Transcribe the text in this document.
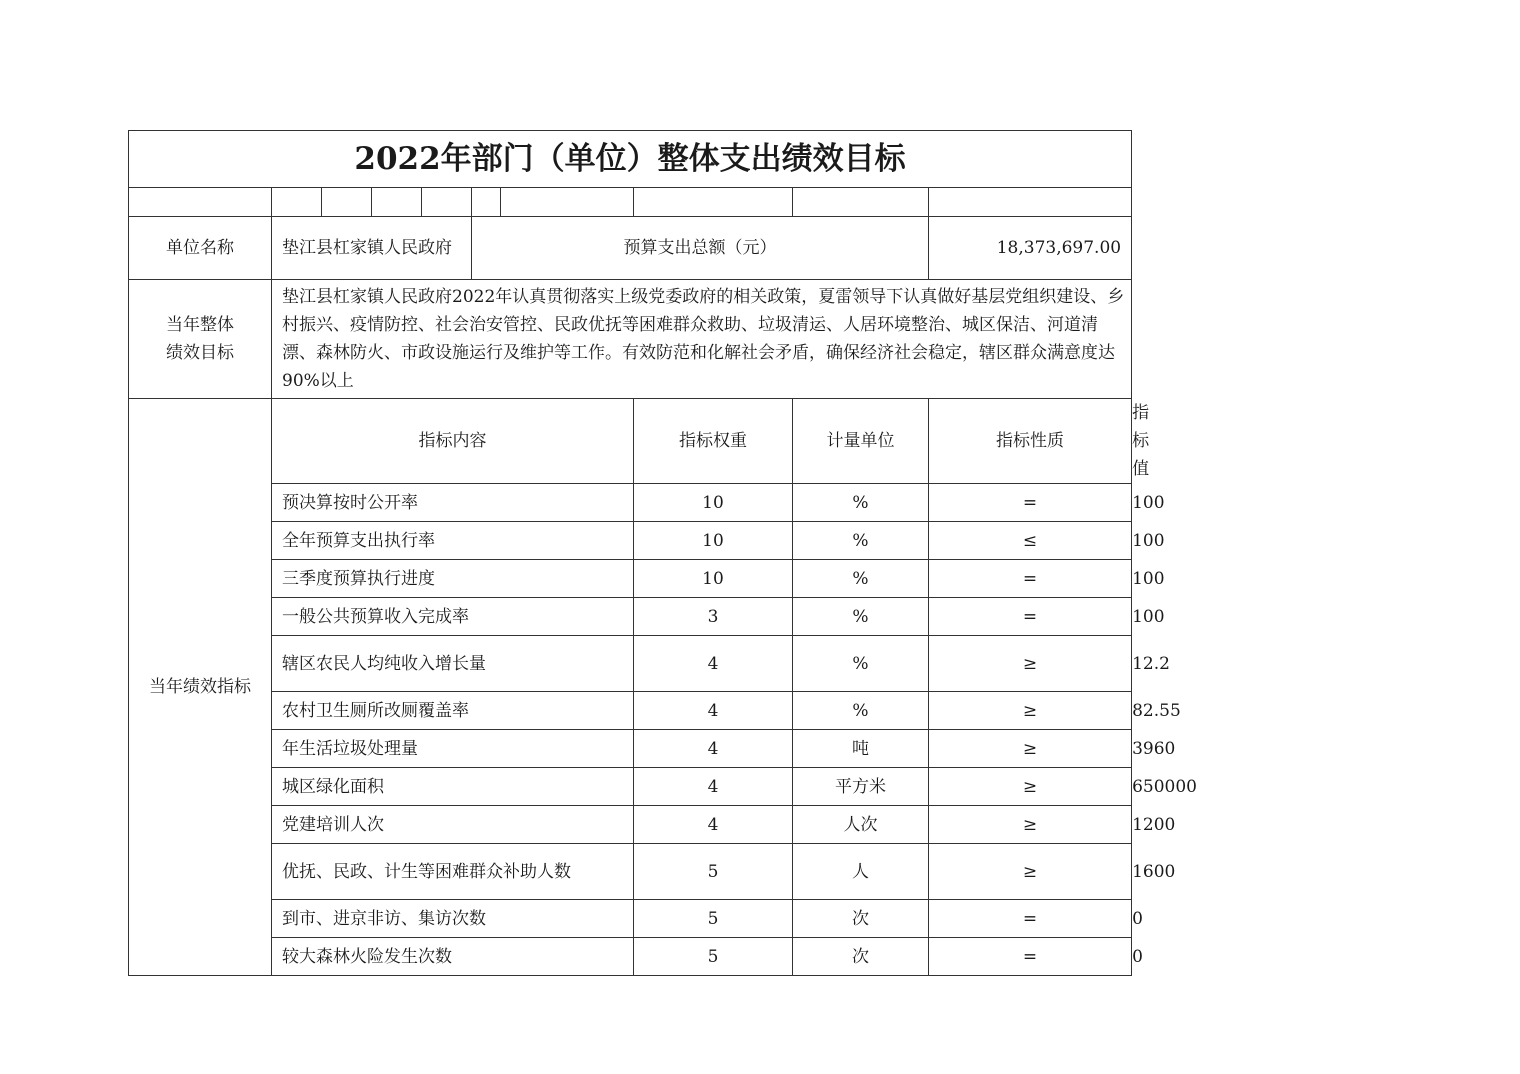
2022年部门（单位）整体支出绩效目标										

单位名称	垫江县杠家镇人民政府				预算支出总额（元）				18,373,697.00	
当年整体绩效目标	垫江县杠家镇人民政府2022年认真贯彻落实上级党委政府的相关政策，夏雷领导下认真做好基层党组织建设、乡村振兴、疫情防控、社会治安管控、民政优抚等困难群众救助、垃圾清运、人居环境整治、城区保洁、河道清漂、森林防火、市政设施运行及维护等工作。有效防范和化解社会矛盾，确保经济社会稳定，辖区群众满意度达90%以上									
当年绩效指标	指标内容						指标权重	计量单位	指标性质	指标值
	预决算按时公开率						10	%	=	100
	全年预算支出执行率						10	%	≤	100
	三季度预算执行进度						10	%	=	100
	一般公共预算收入完成率						3	%	=	100
	辖区农民人均纯收入增长量						4	%	≥	12.2
	农村卫生厕所改厕覆盖率						4	%	≥	82.55
	年生活垃圾处理量						4	吨	≥	3960
	城区绿化面积						4	平方米	≥	650000
	党建培训人次						4	人次	≥	1200
	优抚、民政、计生等困难群众补助人数						5	人	≥	1600
	到市、进京非访、集访次数						5	次	=	0
	较大森林火险发生次数						5	次	=	0
